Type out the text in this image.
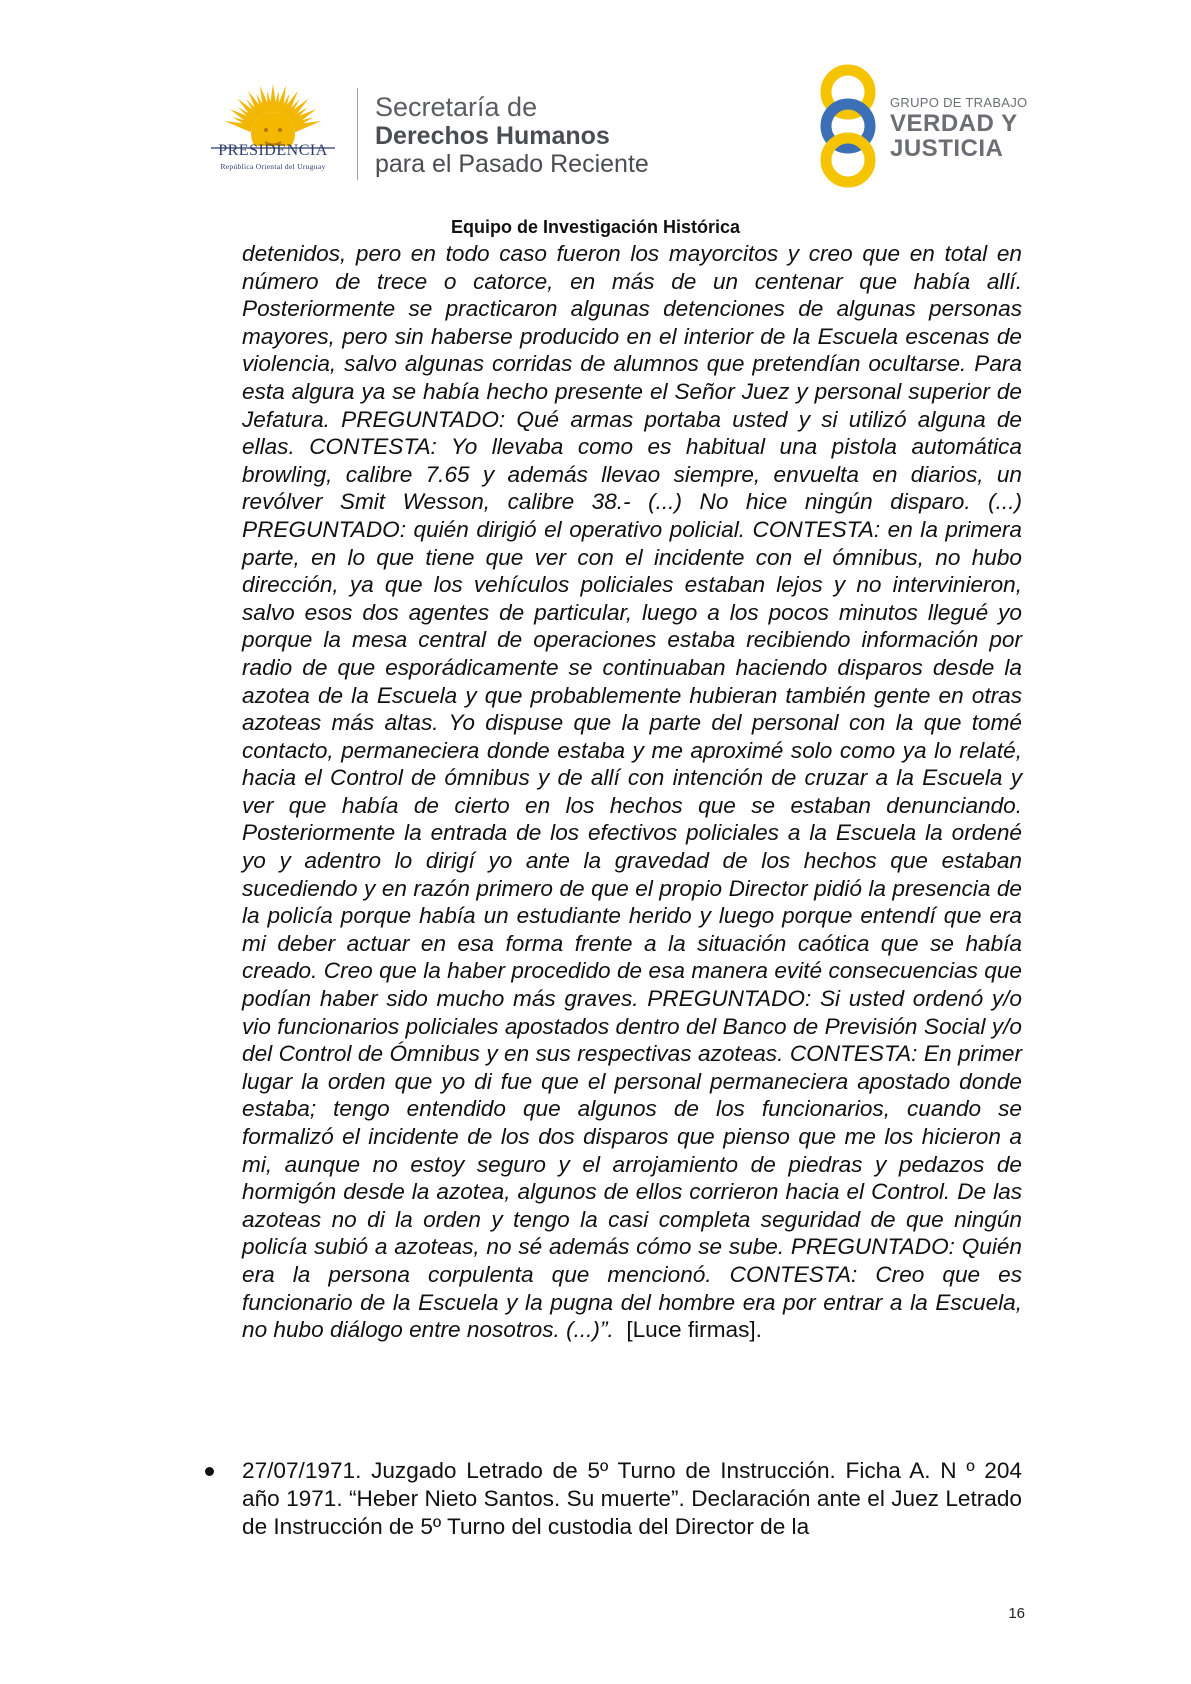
PRESIDENCIA
República Oriental del Uruguay
Secretaría de
Derechos Humanos
para el Pasado Reciente
GRUPO DE TRABAJO
VERDAD Y
JUSTICIA
Equipo de Investigación Histórica

detenidos, pero en todo caso fueron los mayorcitos y creo que en total en número de trece o catorce, en más de un centenar que había allí. Posteriormente se practicaron algunas detenciones de algunas personas mayores, pero sin haberse producido en el interior de la Escuela escenas de violencia, salvo algunas corridas de alumnos que pretendían ocultarse. Para esta algura ya se había hecho presente el Señor Juez y personal superior de Jefatura. PREGUNTADO: Qué armas portaba usted y si utilizó alguna de ellas. CONTESTA: Yo llevaba como es habitual una pistola automática browling, calibre 7.65 y además llevao siempre, envuelta en diarios, un revólver Smit Wesson, calibre 38.- (...) No hice ningún disparo. (...) PREGUNTADO: quién dirigió el operativo policial. CONTESTA: en la primera parte, en lo que tiene que ver con el incidente con el ómnibus, no hubo dirección, ya que los vehículos policiales estaban lejos y no intervinieron, salvo esos dos agentes de particular, luego a los pocos minutos llegué yo porque la mesa central de operaciones estaba recibiendo información por radio de que esporádicamente se continuaban haciendo disparos desde la azotea de la Escuela y que probablemente hubieran también gente en otras azoteas más altas. Yo dispuse que la parte del personal con la que tomé contacto, permaneciera donde estaba y me aproximé solo como ya lo relaté, hacia el Control de ómnibus y de allí con intención de cruzar a la Escuela y ver que había de cierto en los hechos que se estaban denunciando. Posteriormente la entrada de los efectivos policiales a la Escuela la ordené yo y adentro lo dirigí yo ante la gravedad de los hechos que estaban sucediendo y en razón primero de que el propio Director pidió la presencia de la policía porque había un estudiante herido y luego porque entendí que era mi deber actuar en esa forma frente a la situación caótica que se había creado. Creo que la haber procedido de esa manera evité consecuencias que podían haber sido mucho más graves. PREGUNTADO: Si usted ordenó y/o vio funcionarios policiales apostados dentro del Banco de Previsión Social y/o del Control de Ómnibus y en sus respectivas azoteas. CONTESTA: En primer lugar la orden que yo di fue que el personal permaneciera apostado donde estaba; tengo entendido que algunos de los funcionarios, cuando se formalizó el incidente de los dos disparos que pienso que me los hicieron a mi, aunque no estoy seguro y el arrojamiento de piedras y pedazos de hormigón desde la azotea, algunos de ellos corrieron hacia el Control. De las azoteas no di la orden y tengo la casi completa seguridad de que ningún policía subió a azoteas, no sé además cómo se sube. PREGUNTADO: Quién era la persona corpulenta que mencionó. CONTESTA: Creo que es funcionario de la Escuela y la pugna del hombre era por entrar a la Escuela, no hubo diálogo entre nosotros. (...)”. [Luce firmas].

27/07/1971. Juzgado Letrado de 5º Turno de Instrucción. Ficha A. N º 204 año 1971. “Heber Nieto Santos. Su muerte”. Declaración ante el Juez Letrado de Instrucción de 5º Turno del custodia del Director de la
16
